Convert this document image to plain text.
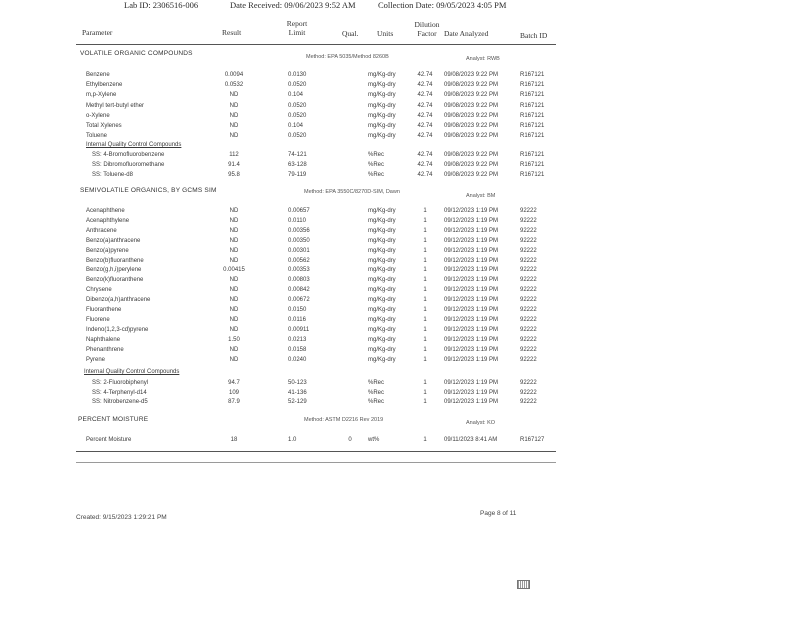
Lab ID: 2306516-006	Date Received: 09/06/2023 9:52 AM	Collection Date: 09/05/2023 4:05 PM
Parameter	Result
Report Limit	Qual. Units
Dilution Factor Date Analyzed	Batch ID
VOLATILE ORGANIC COMPOUNDS	Method: EPA 5035/Method 8260B	Analyst: RWB
Benzene	0.0094	0.0130	mg/Kg-dry	42.74 09/08/2023 9:22 PM	R167121
Ethylbenzene	0.0532	0.0520	mg/Kg-dry	42.74 09/08/2023 9:22 PM	R167121
m,p-Xylene	ND	0.104	mg/Kg-dry	42.74 09/08/2023 9:22 PM	R167121
Methyl tert-butyl ether	ND	0.0520	mg/Kg-dry	42.74 09/08/2023 9:22 PM	R167121
o-Xylene	ND	0.0520	mg/Kg-dry	42.74 09/08/2023 9:22 PM	R167121
Total Xylenes	ND	0.104	mg/Kg-dry	42.74 09/08/2023 9:22 PM	R167121
Toluene	ND	0.0520	mg/Kg-dry	42.74 09/08/2023 9:22 PM	R167121
Internal Quality Control Compounds
SS: 4-Bromofluorobenzene	112	74-121	%Rec	42.74 09/08/2023 9:22 PM	R167121
SS: Dibromofluoromethane	91.4	63-128	%Rec	42.74 09/08/2023 9:22 PM	R167121
SS: Toluene-d8	95.8	79-119	%Rec	42.74 09/08/2023 9:22 PM	R167121
SEMIVOLATILE ORGANICS, BY GCMS SIM	Method: EPA 3550C/8270D-SIM, Dawn
Analyst: BM
Acenaphthene	ND	0.00657	mg/Kg-dry	1	09/12/2023 1:19 PM	92222
Acenaphthylene	ND	0.0110	mg/Kg-dry	1	09/12/2023 1:19 PM	92222
Anthracene	ND	0.00356	mg/Kg-dry	1	09/12/2023 1:19 PM	92222
Benzo(a)anthracene	ND	0.00350	mg/Kg-dry	1	09/12/2023 1:19 PM	92222
Benzo(a)pyrene	ND	0.00301	mg/Kg-dry	1	09/12/2023 1:19 PM	92222
Benzo(b)fluoranthene	ND	0.00562	mg/Kg-dry	1	09/12/2023 1:19 PM	92222
Benzo(g,h,i)perylene	0.00415	0.00353	mg/Kg-dry	1	09/12/2023 1:19 PM	92222
Benzo(k)fluoranthene	ND	0.00803	mg/Kg-dry	1	09/12/2023 1:19 PM	92222
Chrysene	ND	0.00842	mg/Kg-dry	1	09/12/2023 1:19 PM	92222
Dibenzo(a,h)anthracene	ND	0.00672	mg/Kg-dry	1	09/12/2023 1:19 PM	92222
Fluoranthene	ND	0.0150	mg/Kg-dry	1	09/12/2023 1:19 PM	92222
Fluorene	ND	0.0116	mg/Kg-dry	1	09/12/2023 1:19 PM	92222
Indeno(1,2,3-cd)pyrene	ND	0.00911	mg/Kg-dry	1	09/12/2023 1:19 PM	92222
Naphthalene	1.50	0.0213	mg/Kg-dry	1	09/12/2023 1:19 PM	92222
Phenanthrene	ND	0.0158	mg/Kg-dry	1	09/12/2023 1:19 PM	92222
Pyrene	ND	0.0240	mg/Kg-dry	1	09/12/2023 1:19 PM	92222
Internal Quality Control Compounds
SS: 2-Fluorobiphenyl	94.7	50-123	%Rec	1	09/12/2023 1:19 PM	92222
SS: 4-Terphenyl-d14	109	41-136	%Rec	1	09/12/2023 1:19 PM	92222
SS: Nitrobenzene-d5	87.9	52-129	%Rec	1	09/12/2023 1:19 PM	92222
PERCENT MOISTURE	Method: ASTM D2216 Rev 2019	Analyst: KO
Percent Moisture	18	1.0	0	wt%	1	09/11/2023 8:41 AM	R167127
Created: 9/15/2023 1:29:21 PM
Page 8 of 11
